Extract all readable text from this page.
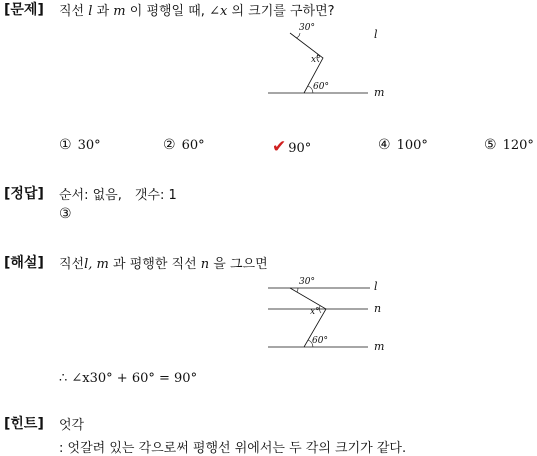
[문제] 직선 l 과 m 이 평행일 때, ∠x 의 크기를 구하면?
30°
x°
60°
l
m
① 30°	② 60°	✔ 90°	④ 100°	⑤ 120°
[정답] 순서: 없음,　갯수: 1
③
[해설] 직선l, m 과 평행한 직선 n 을 그으면
30°
x°
60°
l
n
m
∴ ∠x30° + 60° = 90°
[힌트] 엇각
: 엇갈려 있는 각으로써 평행선 위에서는 두 각의 크기가 같다.
